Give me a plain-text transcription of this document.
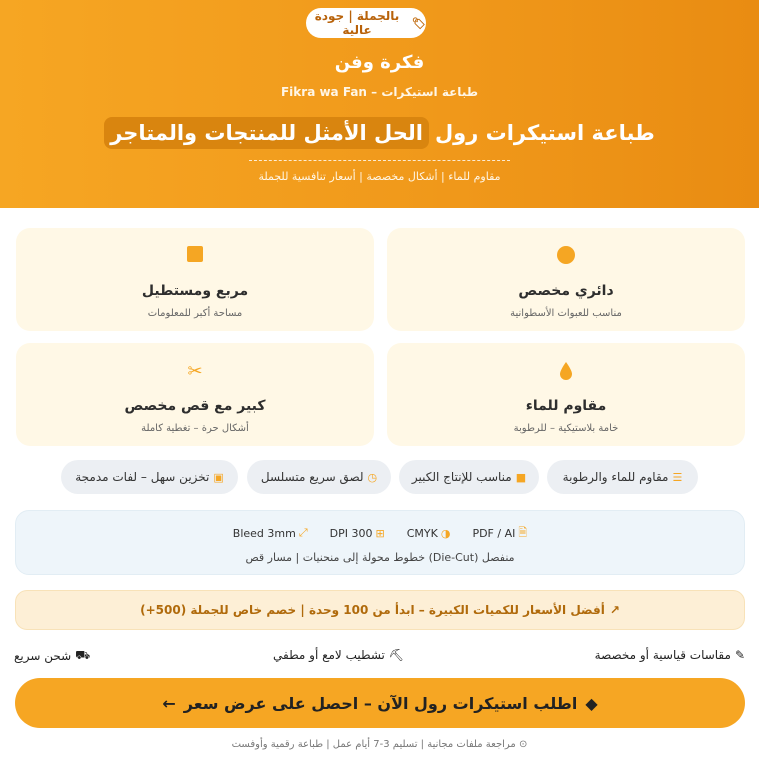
بالجملة | جودة عالية	🏷
فكرة وفن
Fikra wa Fan – طباعة استيكرات
طباعة استيكرات رول
الحل الأمثل للمنتجات والمتاجر
مقاوم للماء | أشكال مخصصة | أسعار تنافسية للجملة
دائري مخصص
مناسب للعبوات الأسطوانية
مربع ومستطيل
مساحة أكبر للمعلومات
مقاوم للماء
خامة بلاستيكية – للرطوبة
✂
كبير مع قص مخصص
أشكال حرة – تغطية كاملة
☰
مقاوم للماء والرطوبة
■
مناسب للإنتاج الكبير
◷
لصق سريع متسلسل
▣
تخزين سهل – لفات مدمجة
🗎
PDF / AI
◑
CMYK
⊞
300 DPI
⤢
Bleed 3mm
خطوط محولة إلى منحنيات | مسار قص (Die-Cut) منفصل
↗
أفضل الأسعار للكميات الكبيرة – ابدأ من 100 وحدة | خصم خاص للجملة (500+)
✎
مقاسات قياسية أو مخصصة
⛏
تشطيب لامع أو مطفي
⛟
شحن سريع
◆
اطلب استيكرات رول الآن – احصل على عرض سعر
←
⊙ مراجعة ملفات مجانية | تسليم 3-7 أيام عمل | طباعة رقمية وأوفست
